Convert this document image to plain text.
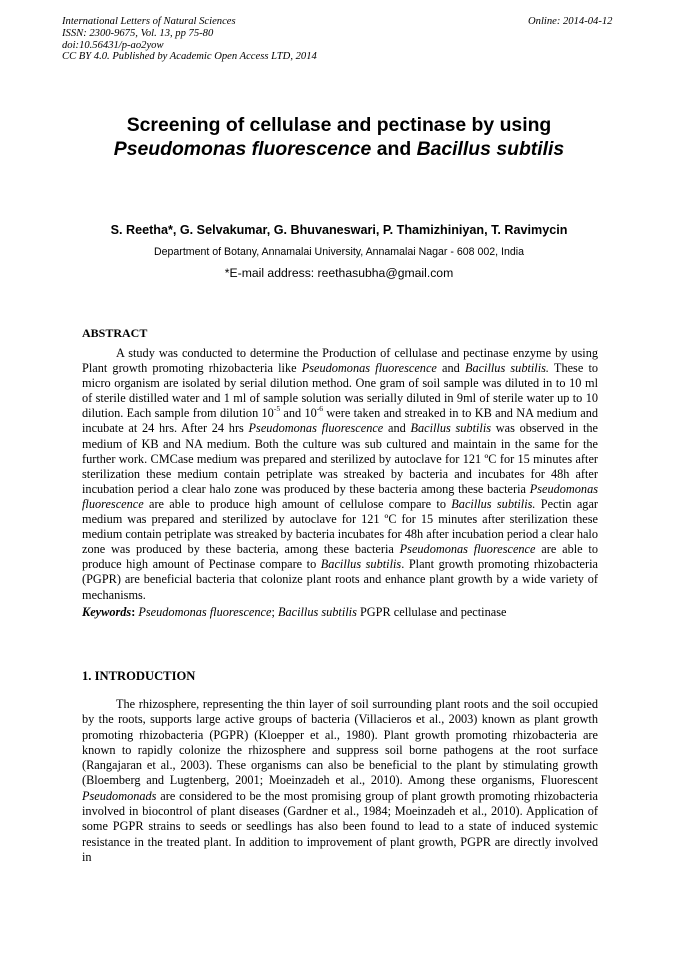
International Letters of Natural Sciences
ISSN: 2300-9675, Vol. 13, pp 75-80
doi:10.56431/p-ao2yow
CC BY 4.0. Published by Academic Open Access LTD, 2014
Online: 2014-04-12
Screening of cellulase and pectinase by using
Pseudomonas fluorescence and Bacillus subtilis
S. Reetha*, G. Selvakumar, G. Bhuvaneswari, P. Thamizhiniyan, T. Ravimycin
Department of Botany, Annamalai University, Annamalai Nagar - 608 002, India
*E-mail address: reethasubha@gmail.com
ABSTRACT

A study was conducted to determine the Production of cellulase and pectinase enzyme by using Plant growth promoting rhizobacteria like Pseudomonas fluorescence and Bacillus subtilis. These to micro organism are isolated by serial dilution method. One gram of soil sample was diluted in to 10 ml of sterile distilled water and 1 ml of sample solution was serially diluted in 9ml of sterile water up to 10 dilution. Each sample from dilution $10^{-5}$ and $10^{-6}$ were taken and streaked in to KB and NA medium and incubate at 24 hrs. After 24 hrs Pseudomonas fluorescence and Bacillus subtilis was observed in the medium of KB and NA medium. Both the culture was sub cultured and maintain in the same for the further work. CMCase medium was prepared and sterilized by autoclave for 121 ºC for 15 minutes after sterilization these medium contain petriplate was streaked by bacteria and incubates for 48h after incubation period a clear halo zone was produced by these bacteria among these bacteria Pseudomonas fluorescence are able to produce high amount of cellulose compare to Bacillus subtilis. Pectin agar medium was prepared and sterilized by autoclave for 121 ºC for 15 minutes after sterilization these medium contain petriplate was streaked by bacteria incubates for 48h after incubation period a clear halo zone was produced by these bacteria, among these bacteria Pseudomonas fluorescence are able to produce high amount of Pectinase compare to Bacillus subtilis. Plant growth promoting rhizobacteria (PGPR) are beneficial bacteria that colonize plant roots and enhance plant growth by a wide variety of mechanisms.

Keywords: Pseudomonas fluorescence; Bacillus subtilis PGPR cellulase and pectinase
1. INTRODUCTION

The rhizosphere, representing the thin layer of soil surrounding plant roots and the soil occupied by the roots, supports large active groups of bacteria (Villacieros et al., 2003) known as plant growth promoting rhizobacteria (PGPR) (Kloepper et al., 1980). Plant growth promoting rhizobacteria are known to rapidly colonize the rhizosphere and suppress soil borne pathogens at the root surface (Rangajaran et al., 2003). These organisms can also be beneficial to the plant by stimulating growth (Bloemberg and Lugtenberg, 2001; Moeinzadeh et al., 2010). Among these organisms, Fluorescent Pseudomonads are considered to be the most promising group of plant growth promoting rhizobacteria involved in biocontrol of plant diseases (Gardner et al., 1984; Moeinzadeh et al., 2010). Application of some PGPR strains to seeds or seedlings has also been found to lead to a state of induced systemic resistance in the treated plant. In addition to improvement of plant growth, PGPR are directly involved in
